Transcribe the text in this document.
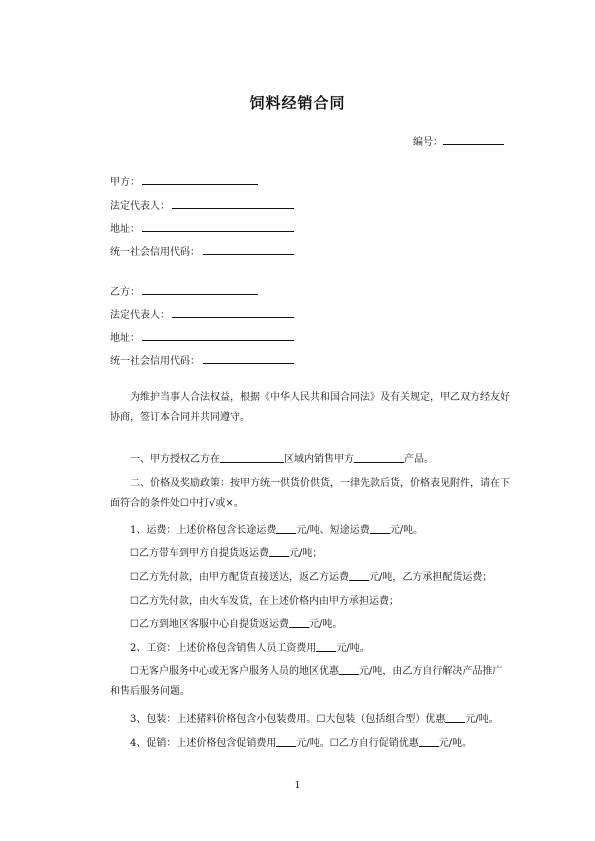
饲料经销合同
编号：
甲方：
法定代表人：
地址：
统一社会信用代码：
乙方：
法定代表人：
地址：
统一社会信用代码：
为维护当事人合法权益，根据《中华人民共和国合同法》及有关规定，甲乙双方经友好
协商，签订本合同并共同遵守。
一、甲方授权乙方在	区域内销售甲方	产品。
二、价格及奖励政策：按甲方统一供货价供货，一律先款后货，价格表见附件，请在下
面符合的条件处☐中打√或×。
1、运费：上述价格包含长途运费 元/吨、短途运费 元/吨。
☐乙方带车到甲方自提货返运费 元/吨；
☐乙方先付款，由甲方配货直接送达，返乙方运费 元/吨，乙方承担配货运费；
☐乙方先付款，由火车发货，在上述价格内由甲方承担运费；
☐乙方到地区客服中心自提货返运费 元/吨。
2、工资：上述价格包含销售人员工资费用 元/吨。
☐无客户服务中心或无客户服务人员的地区优惠 元/吨，由乙方自行解决产品推广
和售后服务问题。
3、包装：上述猪料价格包含小包装费用。☐大包装（包括组合型）优惠 元/吨。
4、促销：上述价格包含促销费用 元/吨。☐乙方自行促销优惠 元/吨。
1
